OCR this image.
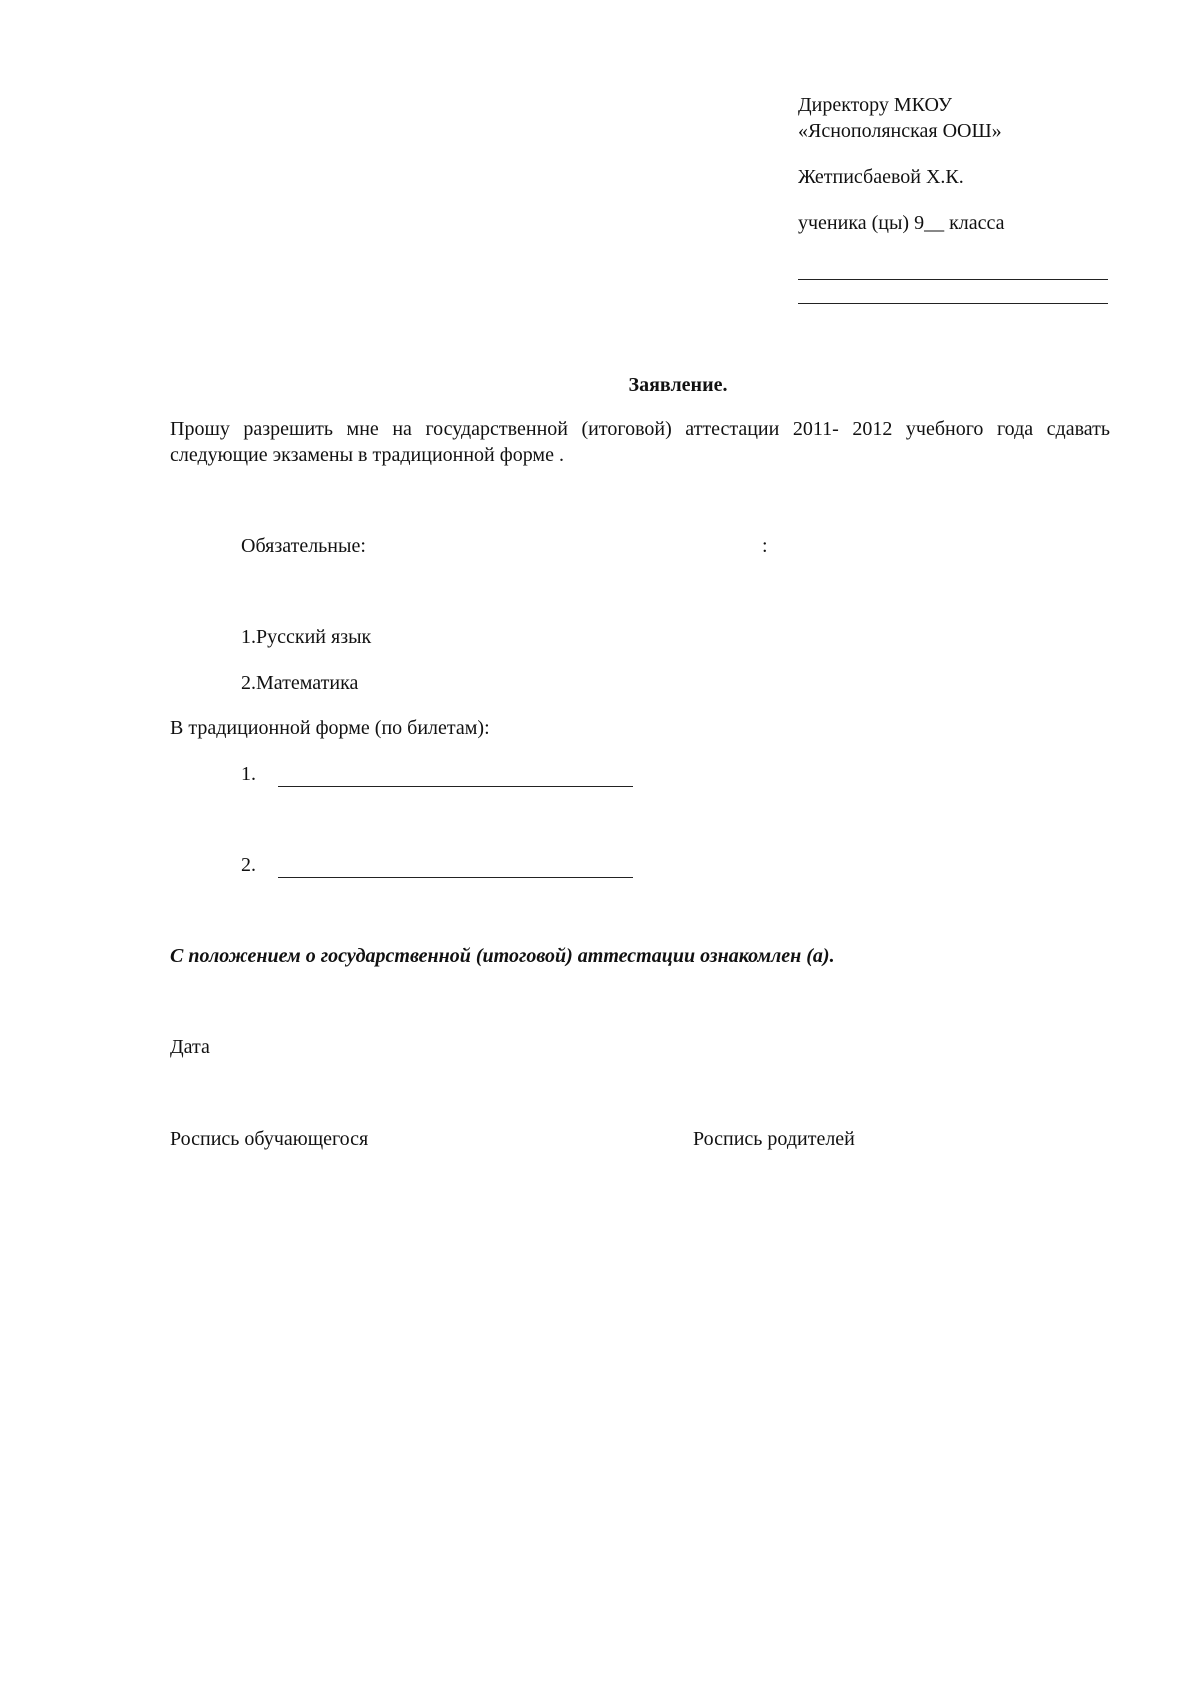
Директору МКОУ
«Яснополянская ООШ»
Жетписбаевой Х.К.
ученика (цы) 9__ класса
Заявление.
Прошу разрешить мне на государственной (итоговой) аттестации 2011- 2012 учебного года сдавать следующие экзамены в традиционной форме .
Обязательные:	:
1.Русский язык
2.Математика
В традиционной форме (по билетам):
1.
2.
С положением о государственной (итоговой) аттестации ознакомлен (а).
Дата
Роспись обучающегося	Роспись родителей
